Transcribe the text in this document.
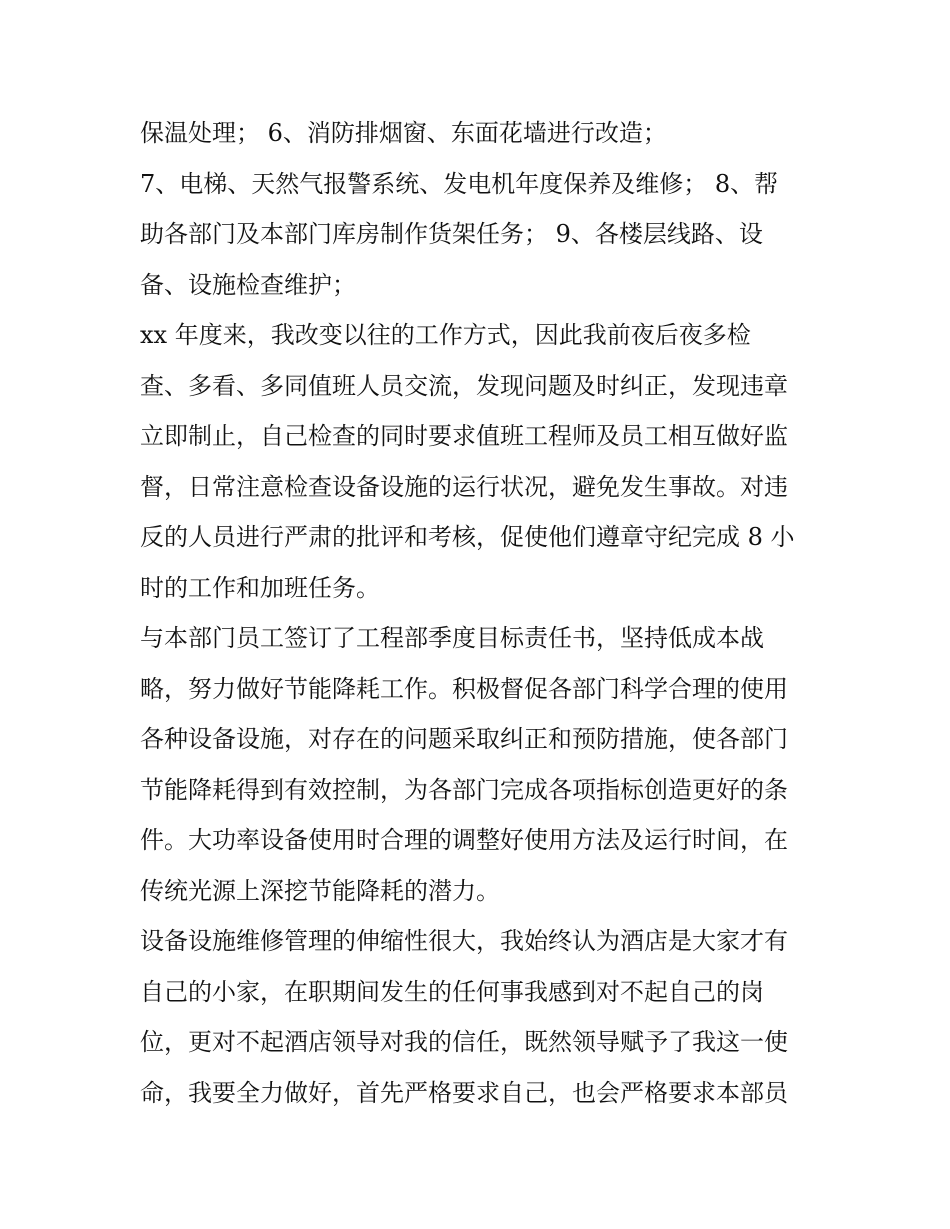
保温处理； 6、消防排烟窗、东面花墙进行改造；
7、电梯、天然气报警系统、发电机年度保养及维修； 8、帮
助各部门及本部门库房制作货架任务； 9、各楼层线路、设
备、设施检查维护；
xx 年度来，我改变以往的工作方式，因此我前夜后夜多检
查、多看、多同值班人员交流，发现问题及时纠正，发现违章
立即制止，自己检查的同时要求值班工程师及员工相互做好监
督，日常注意检查设备设施的运行状况，避免发生事故。对违
反的人员进行严肃的批评和考核，促使他们遵章守纪完成 8 小
时的工作和加班任务。
与本部门员工签订了工程部季度目标责任书，坚持低成本战
略，努力做好节能降耗工作。积极督促各部门科学合理的使用
各种设备设施，对存在的问题采取纠正和预防措施，使各部门
节能降耗得到有效控制，为各部门完成各项指标创造更好的条
件。大功率设备使用时合理的调整好使用方法及运行时间，在
传统光源上深挖节能降耗的潜力。
设备设施维修管理的伸缩性很大，我始终认为酒店是大家才有
自己的小家，在职期间发生的任何事我感到对不起自己的岗
位，更对不起酒店领导对我的信任，既然领导赋予了我这一使
命，我要全力做好，首先严格要求自己，也会严格要求本部员
